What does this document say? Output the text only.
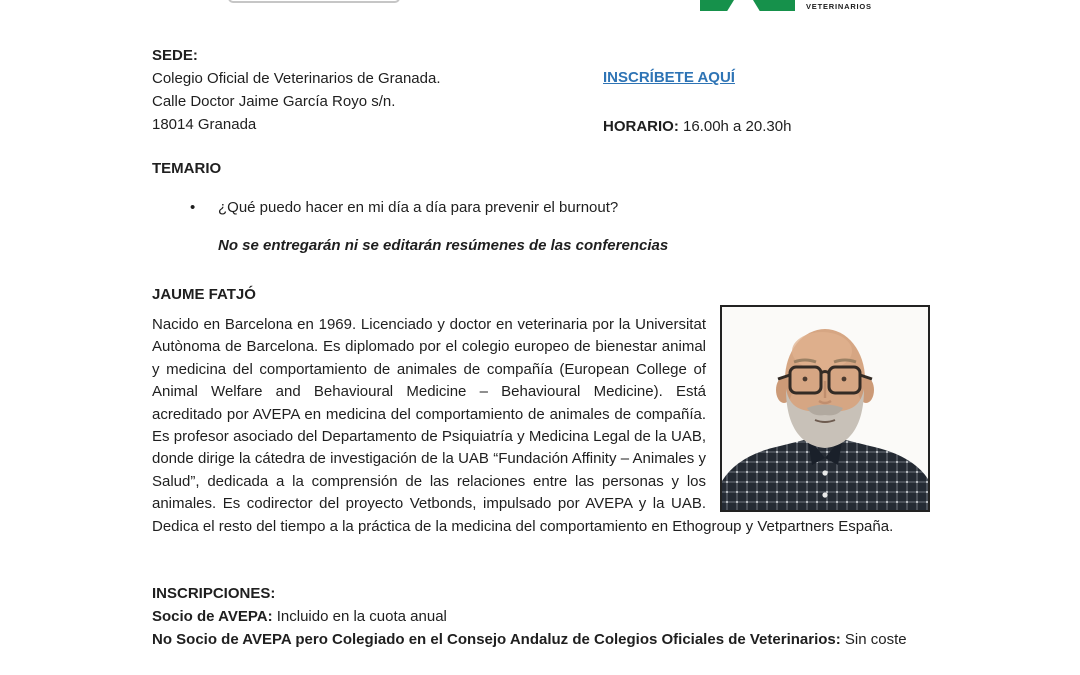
VETERINARIOS
SEDE:
Colegio Oficial de Veterinarios de Granada.
Calle Doctor Jaime García Royo s/n.
18014 Granada
INSCRÍBETE AQUÍ
HORARIO: 16.00h a 20.30h
TEMARIO
•	¿Qué puedo hacer en mi día a día para prevenir el burnout?
No se entregarán ni se editarán resúmenes de las conferencias
JAUME FATJÓ

Nacido en Barcelona en 1969. Licenciado y doctor en veterinaria por la Universitat Autònoma de Barcelona. Es diplomado por el colegio europeo de bienestar animal y medicina del comportamiento de animales de compañía (European College of Animal Welfare and Behavioural Medicine – Behavioural Medicine). Está acreditado por AVEPA en medicina del comportamiento de animales de compañía. Es profesor asociado del Departamento de Psiquiatría y Medicina Legal de la UAB, donde dirige la cátedra de investigación de la UAB “Fundación Affinity – Animales y Salud”, dedicada a la comprensión de las relaciones entre las personas y los animales. Es codirector del proyecto Vetbonds, impulsado por AVEPA y la UAB. Dedica el resto del tiempo a la práctica de la medicina del comportamiento en Ethogroup y Vetpartners España.

INSCRIPCIONES:
Socio de AVEPA: Incluido en la cuota anual
No Socio de AVEPA pero Colegiado en el Consejo Andaluz de Colegios Oficiales de Veterinarios: Sin coste
